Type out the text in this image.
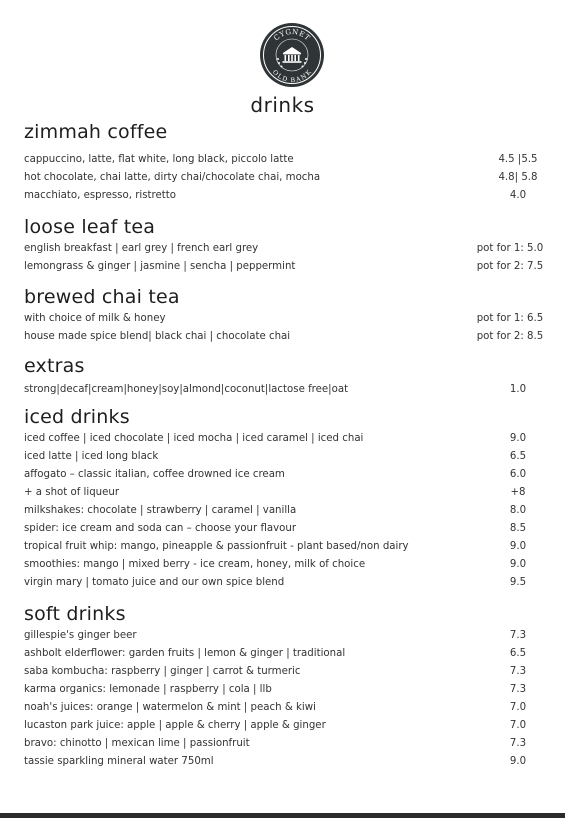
CYGNET
OLD BANK
drinks
zimmah coffee
cappuccino, latte, flat white, long black, piccolo latte	4.5 |5.5
hot chocolate, chai latte, dirty chai/chocolate chai, mocha	4.8| 5.8
macchiato, espresso, ristretto	4.0
loose leaf tea
english breakfast | earl grey | french earl grey	pot for 1: 5.0
lemongrass & ginger | jasmine | sencha | peppermint	pot for 2: 7.5
brewed chai tea
with choice of milk & honey	pot for 1: 6.5
house made spice blend| black chai | chocolate chai	pot for 2: 8.5
extras
strong|decaf|cream|honey|soy|almond|coconut|lactose free|oat	1.0
iced drinks
iced coffee | iced chocolate | iced mocha | iced caramel | iced chai	9.0
iced latte | iced long black	6.5
affogato – classic italian, coffee drowned ice cream	6.0
+ a shot of liqueur	+8
milkshakes: chocolate | strawberry | caramel | vanilla	8.0
spider: ice cream and soda can – choose your flavour	8.5
tropical fruit whip: mango, pineapple & passionfruit - plant based/non dairy	9.0
smoothies: mango | mixed berry - ice cream, honey, milk of choice	9.0
virgin mary | tomato juice and our own spice blend	9.5
soft drinks
gillespie's ginger beer	7.3
ashbolt elderflower: garden fruits | lemon & ginger | traditional	6.5
saba kombucha: raspberry | ginger | carrot & turmeric	7.3
karma organics: lemonade | raspberry | cola | llb	7.3
noah's juices: orange | watermelon & mint | peach & kiwi	7.0
lucaston park juice: apple | apple & cherry | apple & ginger	7.0
bravo: chinotto | mexican lime | passionfruit	7.3
tassie sparkling mineral water 750ml	9.0
